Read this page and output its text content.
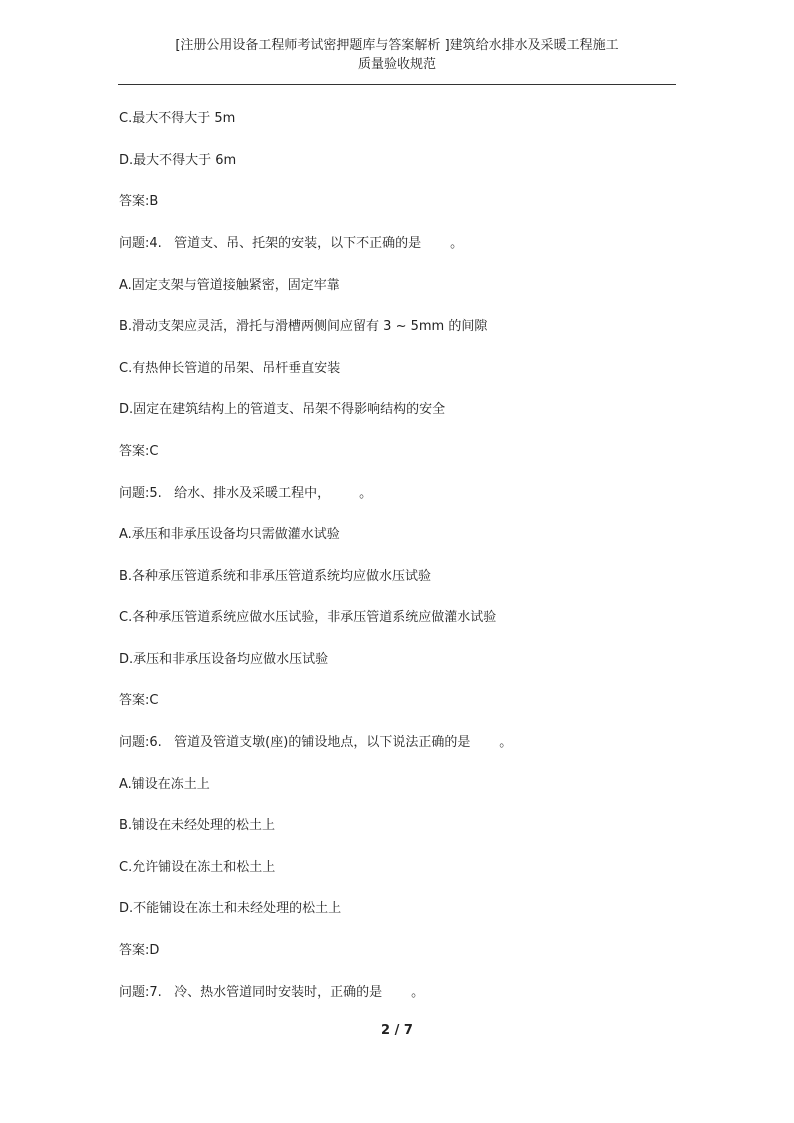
[注册公用设备工程师考试密押题库与答案解析 ]建筑给水排水及采暖工程施工
质量验收规范
C.最大不得大于 5m
D.最大不得大于 6m
答案:B
问题:4.   管道支、吊、托架的安装，以下不正确的是       。
A.固定支架与管道接触紧密，固定牢靠
B.滑动支架应灵活，滑托与滑槽两侧间应留有 3 ~ 5mm 的间隙
C.有热伸长管道的吊架、吊杆垂直安装
D.固定在建筑结构上的管道支、吊架不得影响结构的安全
答案:C
问题:5.   给水、排水及采暖工程中，       。
A.承压和非承压设备均只需做灌水试验
B.各种承压管道系统和非承压管道系统均应做水压试验
C.各种承压管道系统应做水压试验，非承压管道系统应做灌水试验
D.承压和非承压设备均应做水压试验
答案:C
问题:6.   管道及管道支墩(座)的铺设地点，以下说法正确的是       。
A.铺设在冻土上
B.铺设在未经处理的松土上
C.允许铺设在冻土和松土上
D.不能铺设在冻土和未经处理的松土上
答案:D
问题:7.   冷、热水管道同时安装时，正确的是       。
2 / 7
